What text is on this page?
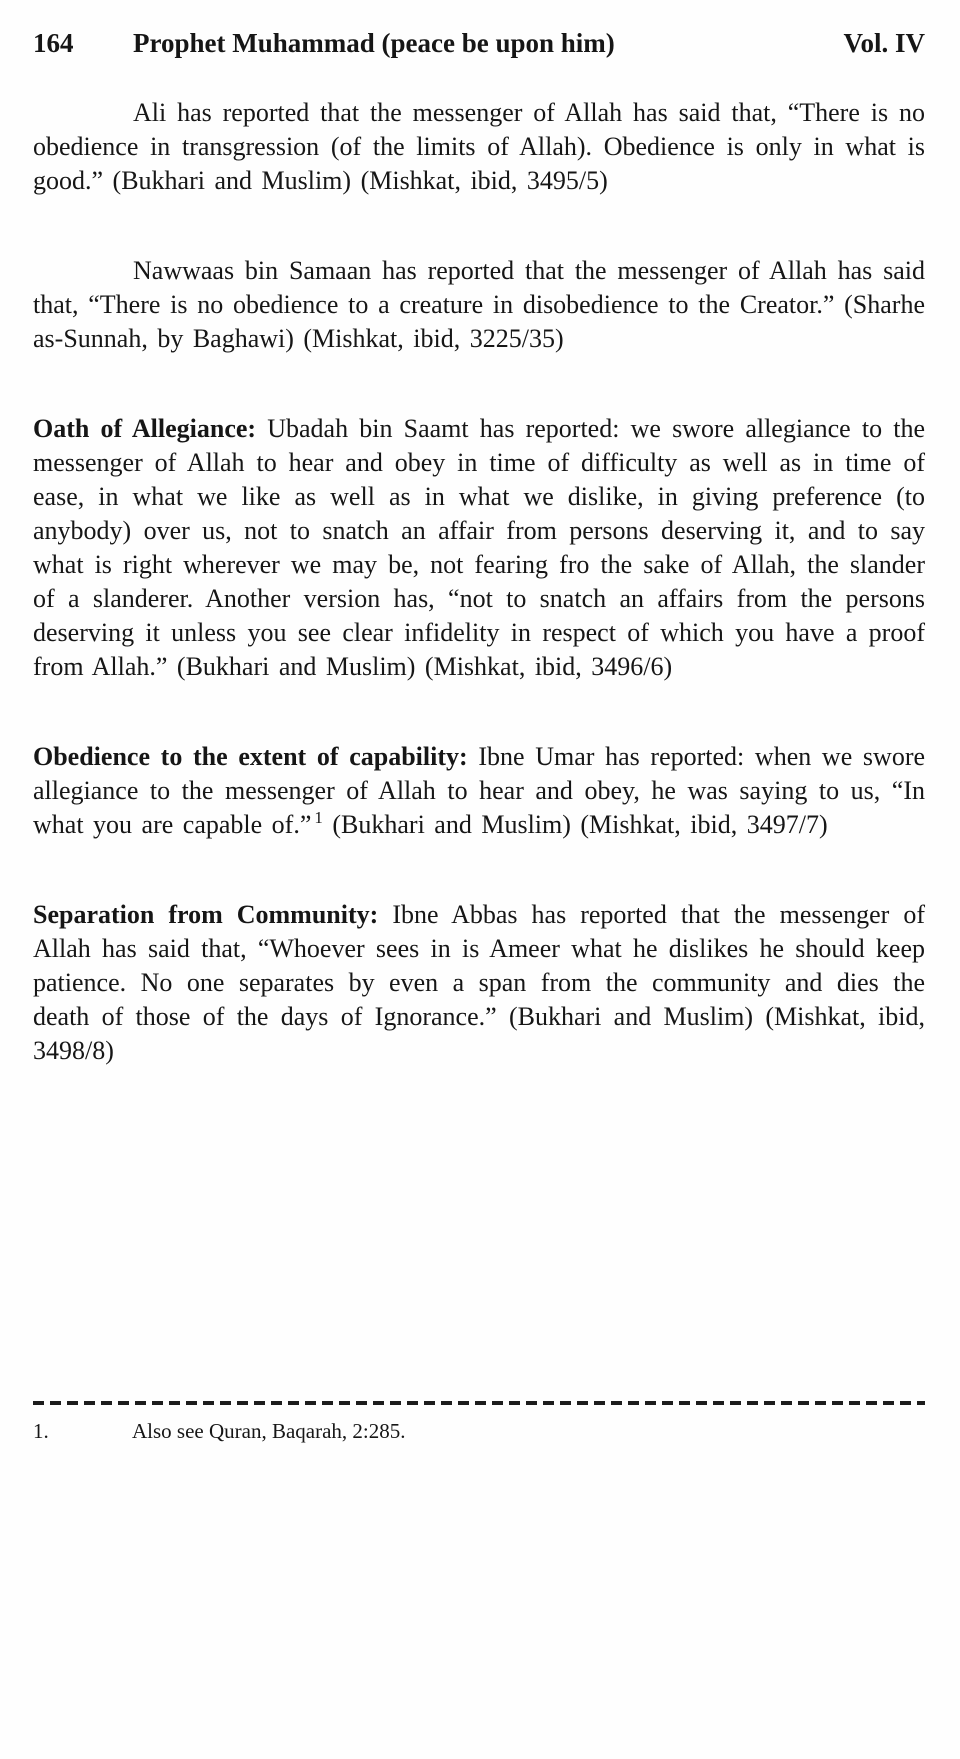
164	Prophet Muhammad (peace be upon him)	Vol. IV

Ali has reported that the messenger of Allah has said that, “There is no obedience in transgression (of the limits of Allah). Obedience is only in what is good.” (Bukhari and Muslim) (Mishkat, ibid, 3495/5)

Nawwaas bin Samaan has reported that the messenger of Allah has said that, “There is no obedience to a creature in disobedience to the Creator.” (Sharhe as-Sunnah, by Baghawi) (Mishkat, ibid, 3225/35)

Oath of Allegiance: Ubadah bin Saamt has reported: we swore allegiance to the messenger of Allah to hear and obey in time of difficulty as well as in time of ease, in what we like as well as in what we dislike, in giving preference (to anybody) over us, not to snatch an affair from persons deserving it, and to say what is right wherever we may be, not fearing fro the sake of Allah, the slander of a slanderer. Another version has, “not to snatch an affairs from the persons deserving it unless you see clear infidelity in respect of which you have a proof from Allah.” (Bukhari and Muslim) (Mishkat, ibid, 3496/6)

Obedience to the extent of capability: Ibne Umar has reported: when we swore allegiance to the messenger of Allah to hear and obey, he was saying to us, “In what you are capable of.” $^1$ (Bukhari and Muslim) (Mishkat, ibid, 3497/7)

Separation from Community: Ibne Abbas has reported that the messenger of Allah has said that, “Whoever sees in is Ameer what he dislikes he should keep patience. No one separates by even a span from the community and dies the death of those of the days of Ignorance.” (Bukhari and Muslim) (Mishkat, ibid, 3498/8)

1.	Also see Quran, Baqarah, 2:285.
